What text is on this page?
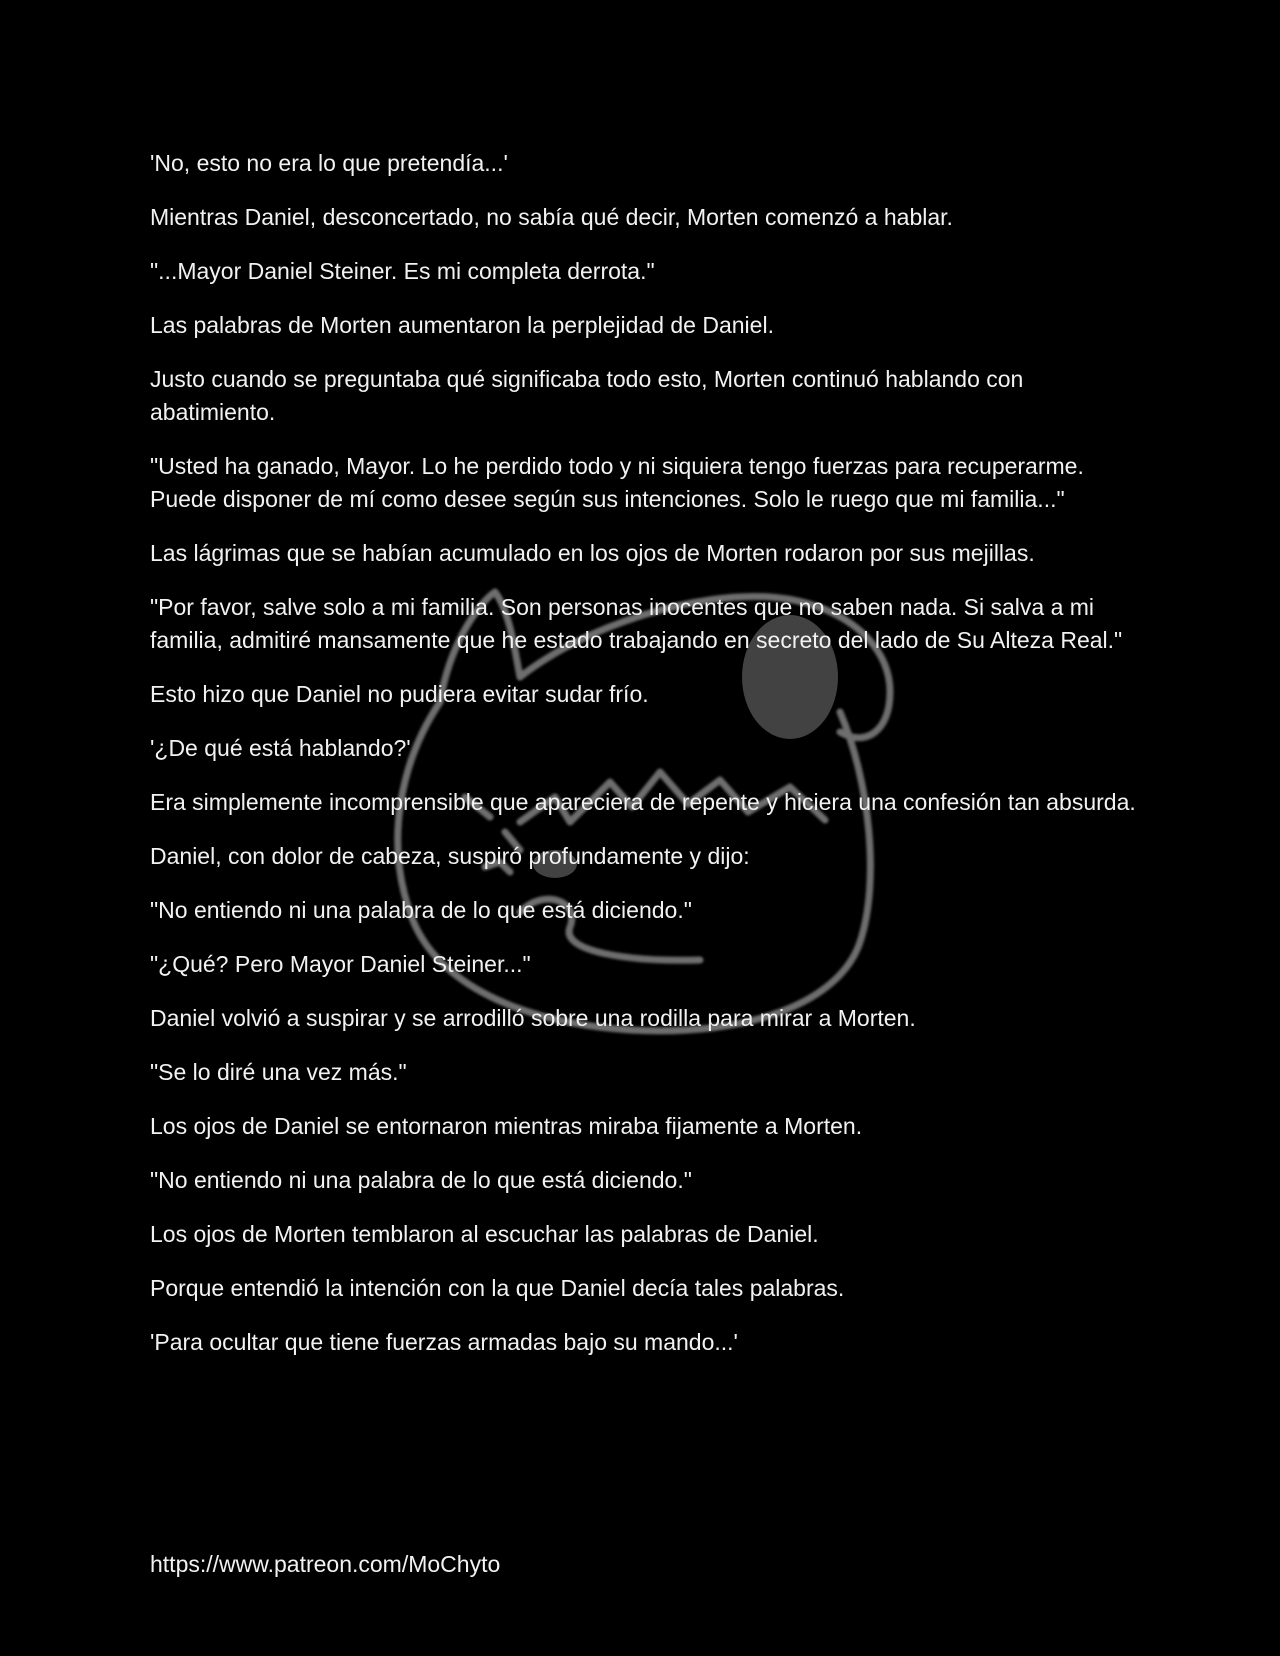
'No, esto no era lo que pretendía...'

Mientras Daniel, desconcertado, no sabía qué decir, Morten comenzó a hablar.

"...Mayor Daniel Steiner. Es mi completa derrota."

Las palabras de Morten aumentaron la perplejidad de Daniel.

Justo cuando se preguntaba qué significaba todo esto, Morten continuó hablando con abatimiento.

"Usted ha ganado, Mayor. Lo he perdido todo y ni siquiera tengo fuerzas para recuperarme. Puede disponer de mí como desee según sus intenciones. Solo le ruego que mi familia..."

Las lágrimas que se habían acumulado en los ojos de Morten rodaron por sus mejillas.

"Por favor, salve solo a mi familia. Son personas inocentes que no saben nada. Si salva a mi familia, admitiré mansamente que he estado trabajando en secreto del lado de Su Alteza Real."

Esto hizo que Daniel no pudiera evitar sudar frío.

'¿De qué está hablando?'

Era simplemente incomprensible que apareciera de repente y hiciera una confesión tan absurda.

Daniel, con dolor de cabeza, suspiró profundamente y dijo:

"No entiendo ni una palabra de lo que está diciendo."

"¿Qué? Pero Mayor Daniel Steiner..."

Daniel volvió a suspirar y se arrodilló sobre una rodilla para mirar a Morten.

"Se lo diré una vez más."

Los ojos de Daniel se entornaron mientras miraba fijamente a Morten.

"No entiendo ni una palabra de lo que está diciendo."

Los ojos de Morten temblaron al escuchar las palabras de Daniel.

Porque entendió la intención con la que Daniel decía tales palabras.

'Para ocultar que tiene fuerzas armadas bajo su mando...'

https://www.patreon.com/MoChyto
